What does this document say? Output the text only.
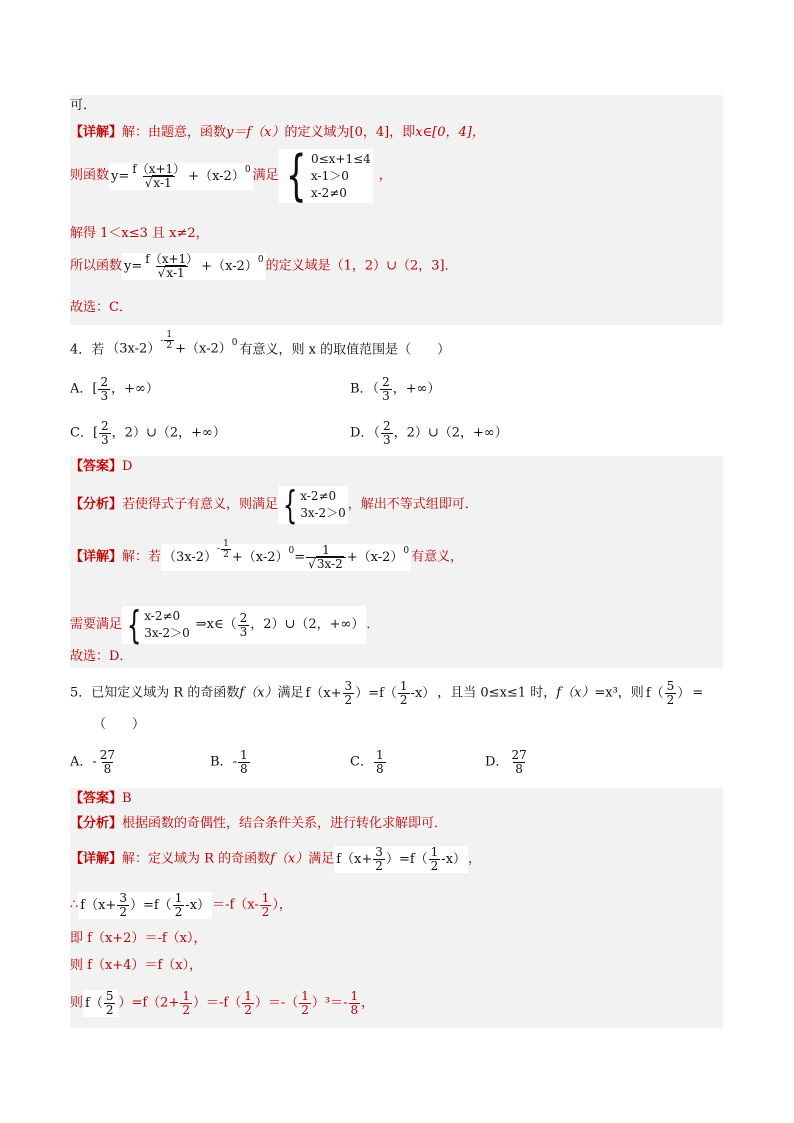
可．
【详解】解：由题意，函数y＝f（x）的定义域为[0，4]，即x∈[0，4]，
则函数 $y= \frac{f(x+1)}{√x-1} +(x-2)^0$ 满足 { 0≤x+1≤4
x-1＞0
x-2≠0
，
解得 1＜x≤3 且 x≠2，
所以函数 $y= \frac{f(x+1)}{√x-1} +(x-2)^0$ 的定义域是（1，2）∪（2，3]．
故选：C．
4．若 （3x-2）
- $\frac{1}{2} +(x-2)^0$ 有意义，则 x 的取值范围是（　　）
A．[ $\frac{2}{3}$ ，+∞）	B．（ $\frac{2}{3}$ ，+∞）
C．[ $\frac{2}{3}$ ，2）∪（2，+∞）	D．（ $\frac{2}{3}$ ，2）∪（2，+∞）
【答案】D
【分析】若使得式子有意义，则满足 { x-2≠0
3x-2＞0
，解出不等式组即可．
【详解】解：若 （3x-2）
- $\frac{1}{2} +(x-2)^0= \frac{1}{√3x-2} +(x-2)^0$ 有意义，
需要满足 { x-2≠0
3x-2＞0
⇒x∈（ $\frac{2}{3}$ ，2）∪（2，+∞） ．
故选：D．
5．已知定义域为 R 的奇函数f（x）满足 $f(x+ \frac{3}{2} )=f( \frac{1}{2} -x)$ ，且当 0≤x≤1 时，f（x）=x³，则 $f( \frac{5}{2}$ ） =
（　　）
A．- $\frac{27}{8}$	B．- $\frac{1}{8}$	C． $\frac{1}{8}$	D． $\frac{27}{8}$
【答案】B
【分析】根据函数的奇偶性，结合条件关系，进行转化求解即可．
【详解】解：定义域为 R 的奇函数f（x）满足 $f(x+ \frac{3}{2} )=f( \frac{1}{2} -x)$ ，
∴ $f(x+ \frac{3}{2} )=f( \frac{1}{2} -x) =-f(x- \frac{1}{2}$ ），
即 f（x+2）＝-f（x），
则 f（x+4）＝f（x），
则 $f( \frac{5}{2} )=f(2+ \frac{1}{2} )=-f( \frac{1}{2}$ ）＝-（ $\frac{1}{2} )^3=- \frac{1}{8}$ ，
